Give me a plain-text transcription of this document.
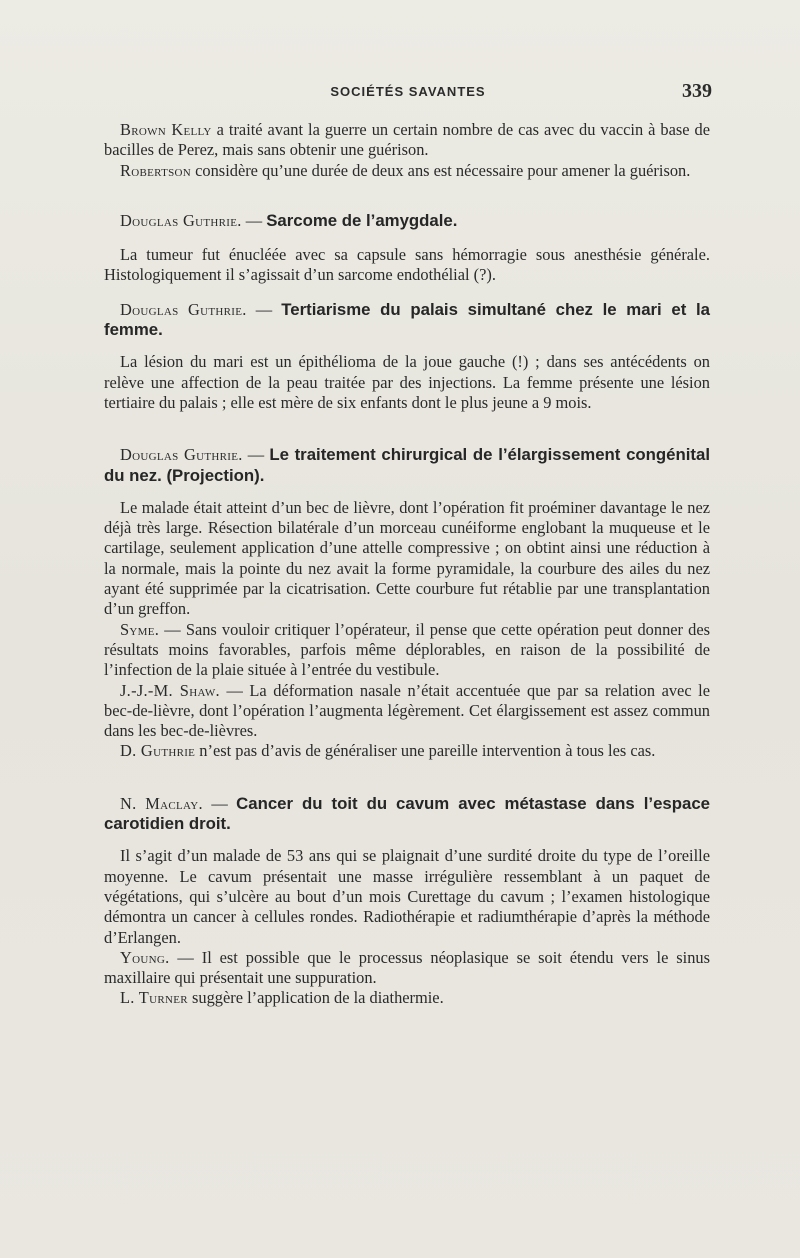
SOCIÉTÉS SAVANTES	339

Brown Kelly a traité avant la guerre un certain nombre de cas avec du vaccin à base de bacilles de Perez, mais sans obtenir une guérison.

Robertson considère qu’une durée de deux ans est nécessaire pour amener la guérison.

Douglas Guthrie. — Sarcome de l’amygdale.

La tumeur fut énucléée avec sa capsule sans hémorragie sous anesthésie générale. Histologiquement il s’agissait d’un sarcome endothélial (?).

Douglas Guthrie. — Tertiarisme du palais simultané chez le mari et la femme.

La lésion du mari est un épithélioma de la joue gauche (!) ; dans ses antécédents on relève une affection de la peau traitée par des injections. La femme présente une lésion tertiaire du palais ; elle est mère de six enfants dont le plus jeune a 9 mois.

Douglas Guthrie. — Le traitement chirurgical de l’élargissement congénital du nez. (Projection).

Le malade était atteint d’un bec de lièvre, dont l’opération fit proéminer davantage le nez déjà très large. Résection bilatérale d’un morceau cunéiforme englobant la muqueuse et le cartilage, seulement application d’une attelle compressive ; on obtint ainsi une réduction à la normale, mais la pointe du nez avait la forme pyramidale, la courbure des ailes du nez ayant été supprimée par la cicatrisation. Cette courbure fut rétablie par une transplantation d’un greffon.

Syme. — Sans vouloir critiquer l’opérateur, il pense que cette opération peut donner des résultats moins favorables, parfois même déplorables, en raison de la possibilité de l’infection de la plaie située à l’entrée du vestibule.

J.-J.-M. Shaw. — La déformation nasale n’était accentuée que par sa relation avec le bec-de-lièvre, dont l’opération l’augmenta légèrement. Cet élargissement est assez commun dans les bec-de-lièvres.

D. Guthrie n’est pas d’avis de généraliser une pareille intervention à tous les cas.

N. Maclay. — Cancer du toit du cavum avec métastase dans l’espace carotidien droit.

Il s’agit d’un malade de 53 ans qui se plaignait d’une surdité droite du type de l’oreille moyenne. Le cavum présentait une masse irrégulière ressemblant à un paquet de végétations, qui s’ulcère au bout d’un mois Curettage du cavum ; l’examen histologique démontra un cancer à cellules rondes. Radiothérapie et radiumthérapie d’après la méthode d’Erlangen.

Young. — Il est possible que le processus néoplasique se soit étendu vers le sinus maxillaire qui présentait une suppuration.

L. Turner suggère l’application de la diathermie.
